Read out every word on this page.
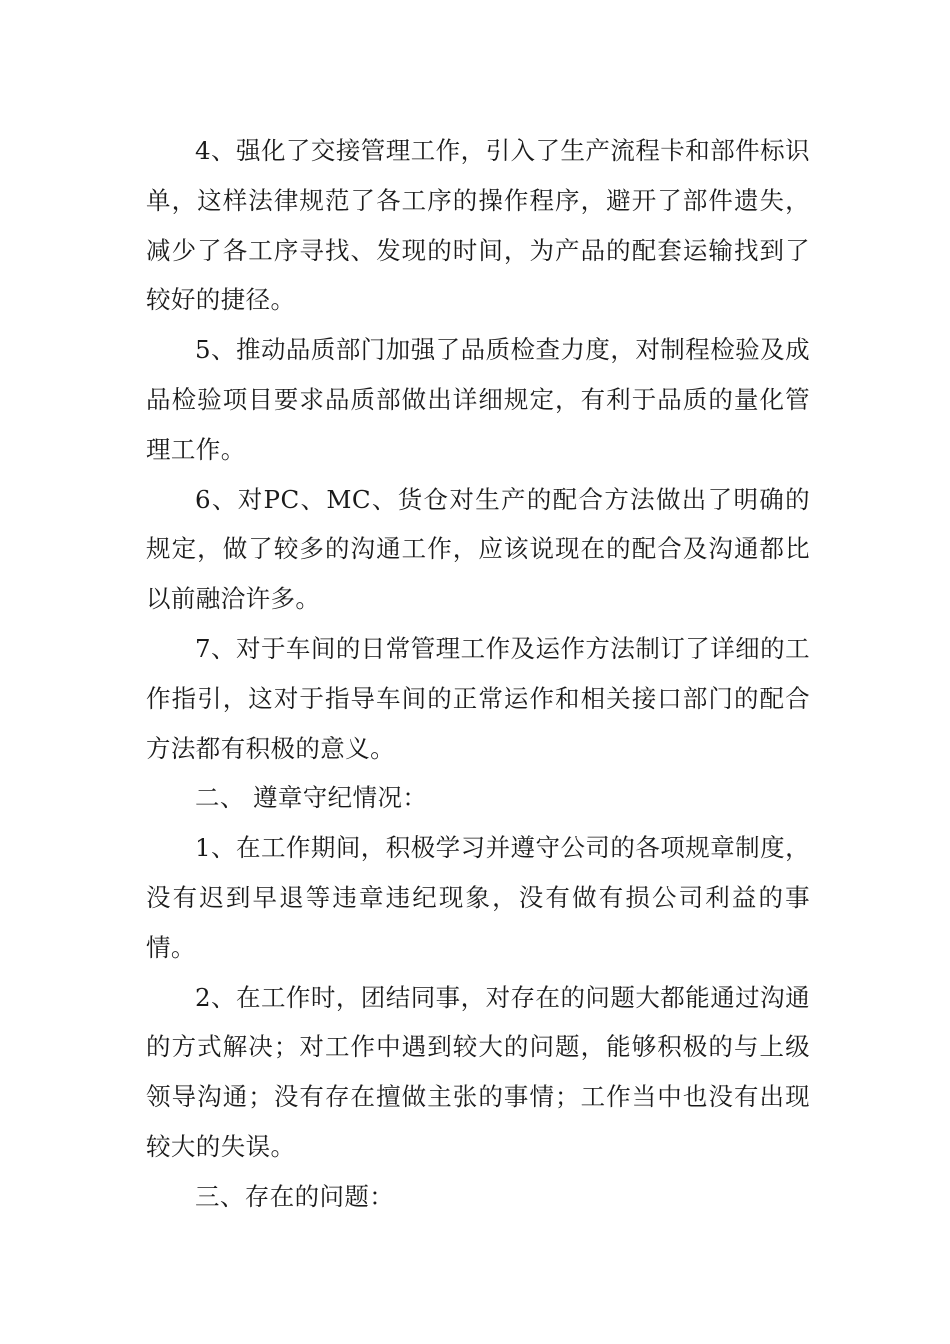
4、强化了交接管理工作，引入了生产流程卡和部件标识单，这样法律规范了各工序的操作程序，避开了部件遗失，减少了各工序寻找、发现的时间，为产品的配套运输找到了较好的捷径。

5、推动品质部门加强了品质检查力度，对制程检验及成品检验项目要求品质部做出详细规定，有利于品质的量化管理工作。

6、对PC、MC、货仓对生产的配合方法做出了明确的规定，做了较多的沟通工作，应该说现在的配合及沟通都比以前融洽许多。

7、对于车间的日常管理工作及运作方法制订了详细的工作指引，这对于指导车间的正常运作和相关接口部门的配合方法都有积极的意义。

二、 遵章守纪情况：

1、在工作期间，积极学习并遵守公司的各项规章制度，没有迟到早退等违章违纪现象，没有做有损公司利益的事情。

2、在工作时，团结同事，对存在的问题大都能通过沟通的方式解决；对工作中遇到较大的问题，能够积极的与上级领导沟通；没有存在擅做主张的事情；工作当中也没有出现较大的失误。

三、存在的问题：
